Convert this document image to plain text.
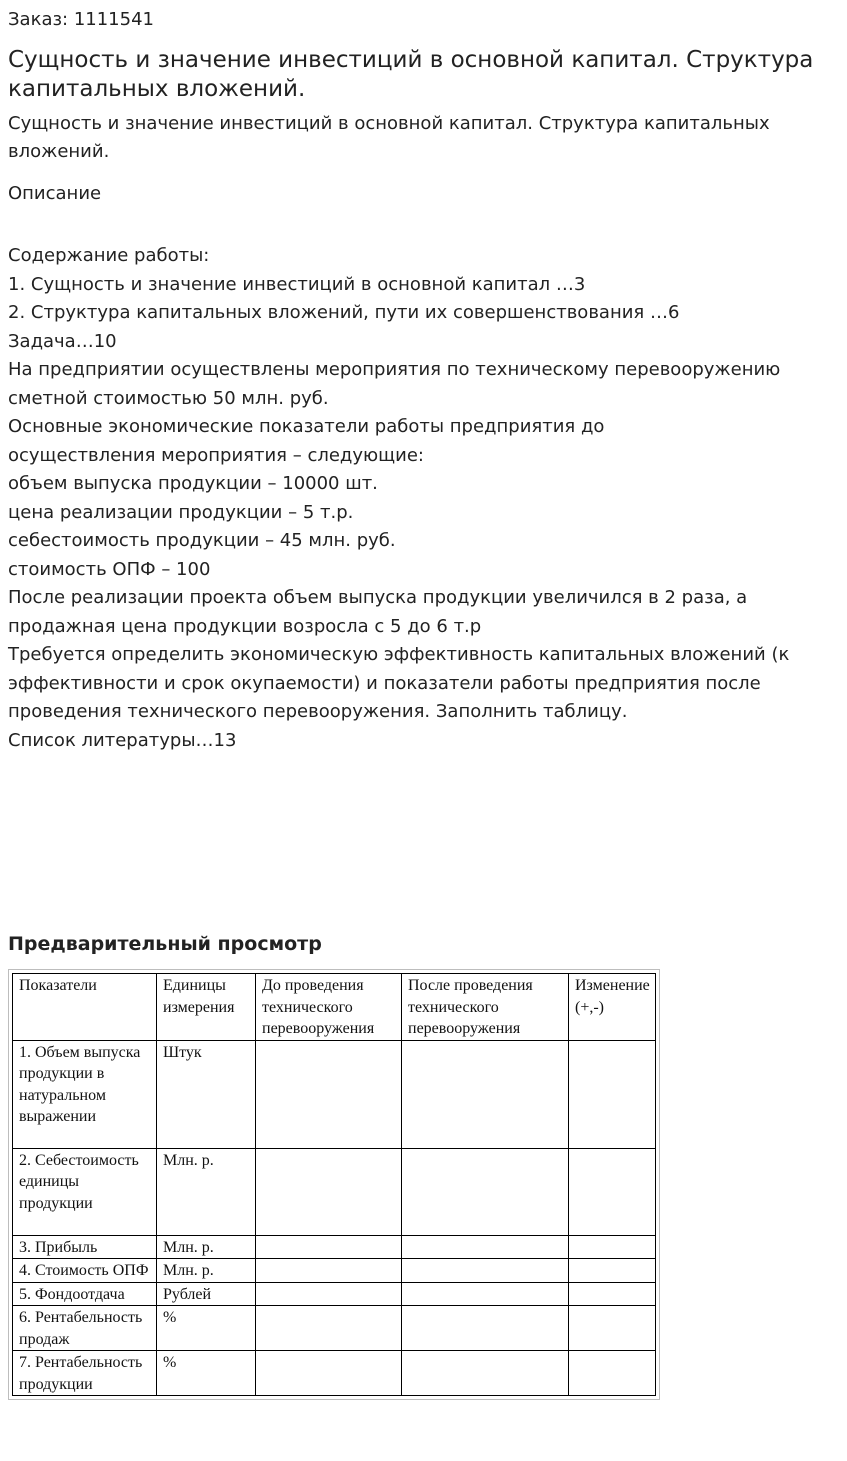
Заказ: 1111541

Сущность и значение инвестиций в основной капитал. Структура капитальных вложений.

Сущность и значение инвестиций в основной капитал. Структура капитальных вложений.

Описание

Содержание работы:

1. Сущность и значение инвестиций в основной капитал …3

2. Структура капитальных вложений, пути их совершенствования …6

Задача…10

На предприятии осуществлены мероприятия по техническому перевооружению

сметной стоимостью 50 млн. руб.

Основные экономические показатели работы предприятия до

осуществления мероприятия – следующие:

объем выпуска продукции – 10000 шт.

цена реализации продукции – 5 т.р.

себестоимость продукции – 45 млн. руб.

стоимость ОПФ – 100

После реализации проекта объем выпуска продукции увеличился в 2 раза, а

продажная цена продукции возросла с 5 до 6 т.р

Требуется определить экономическую эффективность капитальных вложений (к

эффективности и срок окупаемости) и показатели работы предприятия после

проведения технического перевооружения. Заполнить таблицу.

Список литературы…13

Предварительный просмотр
Показатели	Единицы измерения	До проведения технического перевооружения	После проведения технического перевооружения	Изменение (+,-)
1. Объем выпуска продукции в натуральном выражении	Штук			
2. Себестоимость единицы продукции	Млн. р.			
3. Прибыль	Млн. р.			
4. Стоимость ОПФ	Млн. р.			
5. Фондоотдача	Рублей			
6. Рентабельность продаж	%			
7. Рентабельность продукции	%			
